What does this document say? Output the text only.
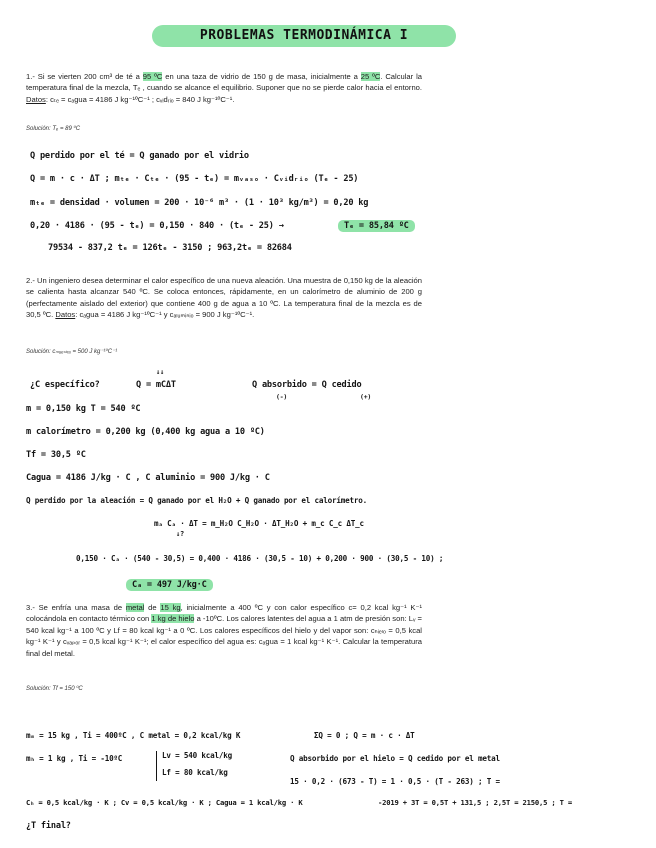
PROBLEMAS TERMODINÁMICA I

1.- Si se vierten 200 cm³ de té a 95 ºC en una taza de vidrio de 150 g de masa, inicialmente a 25 ºC. Calcular la temperatura final de la mezcla, Tₑ , cuando se alcance el equilibrio. Suponer que no se pierde calor hacia el entorno. Datos: cₜₑ = cₐgua = 4186 J kg⁻¹ºC⁻¹ ; cᵥᵢdᵣᵢₒ = 840 J kg⁻¹ºC⁻¹.

Solución: Tₑ = 89 ºC
Q perdido por el té = Q ganado por el vidrio
Q = m · c · ΔT ; mₜₑ · Cₜₑ · (95 - tₑ) = mᵥₐₛₒ · Cᵥᵢdᵣᵢₒ (Tₑ - 25)
mₜₑ = densidad · volumen = 200 · 10⁻⁶ m³ · (1 · 10³ kg/m³) = 0,20 kg
0,20 · 4186 · (95 - tₑ) = 0,150 · 840 · (tₑ - 25) →	Tₑ = 85,84 ºC
79534 - 837,2 tₑ = 126tₑ - 3150 ; 963,2tₑ = 82684

2.- Un ingeniero desea determinar el calor específico de una nueva aleación. Una muestra de 0,150 kg de la aleación se calienta hasta alcanzar 540 ºC. Se coloca entonces, rápidamente, en un calorímetro de aluminio de 200 g (perfectamente aislado del exterior) que contiene 400 g de agua a 10 ºC. La temperatura final de la mezcla es de 30,5 ºC. Datos: cₐgua = 4186 J kg⁻¹ºC⁻¹ y cₐₗᵤₘᵢₙᵢₒ = 900 J kg⁻¹ºC⁻¹.

Solución: cₘᵤₑₛₜᵣₐ = 500 J kg⁻¹ºC⁻¹
↓↓
¿C específico?	Q = mCΔT	Q absorbido = Q cedido
(-)	(+)
m = 0,150 kg T = 540 ºC
m calorímetro = 0,200 kg (0,400 kg agua a 10 ºC)
Tf = 30,5 ºC
Cagua = 4186 J/kg · C , C aluminio = 900 J/kg · C
Q perdido por la aleación = Q ganado por el H₂O + Q ganado por el calorímetro.
mₐ Cₐ · ΔT = m_H₂O C_H₂O · ΔT_H₂O + m_c C_c ΔT_c
↓?
0,150 · Cₐ · (540 - 30,5) = 0,400 · 4186 · (30,5 - 10) + 0,200 · 900 · (30,5 - 10) ;
Cₐ = 497 J/kg·C

3.- Se enfría una masa de metal de 15 kg, inicialmente a 400 ºC y con calor específico c= 0,2 kcal kg⁻¹ K⁻¹ colocándola en contacto térmico con 1 kg de hielo a -10ºC. Los calores latentes del agua a 1 atm de presión son: Lᵥ = 540 kcal kg⁻¹ a 100 ºC y Lf = 80 kcal kg⁻¹ a 0 ºC. Los calores específicos del hielo y del vapor son: cₕᵢₑₗₒ = 0,5 kcal kg⁻¹ K⁻¹ y cᵥₐₚₒᵣ = 0,5 kcal kg⁻¹ K⁻¹; el calor específico del agua es: cₐgua = 1 kcal kg⁻¹ K⁻¹. Calcular la temperatura final del metal.

Solución: Tf = 150 ºC
mₘ = 15 kg , Ti = 400ºC , C metal = 0,2 kcal/kg K	ΣQ = 0 ; Q = m · c · ΔT
mₕ = 1 kg , Ti = -10ºC	Lv = 540 kcal/kg
Lf = 80 kcal/kg
Q absorbido por el hielo = Q cedido por el metal
15 · 0,2 · (673 - T) = 1 · 0,5 · (T - 263) ; T =
Cₕ = 0,5 kcal/kg · K ; Cv = 0,5 kcal/kg · K ; Cagua = 1 kcal/kg · K	-2019 + 3T = 0,5T + 131,5 ; 2,5T = 2150,5 ; T =
¿T final?
